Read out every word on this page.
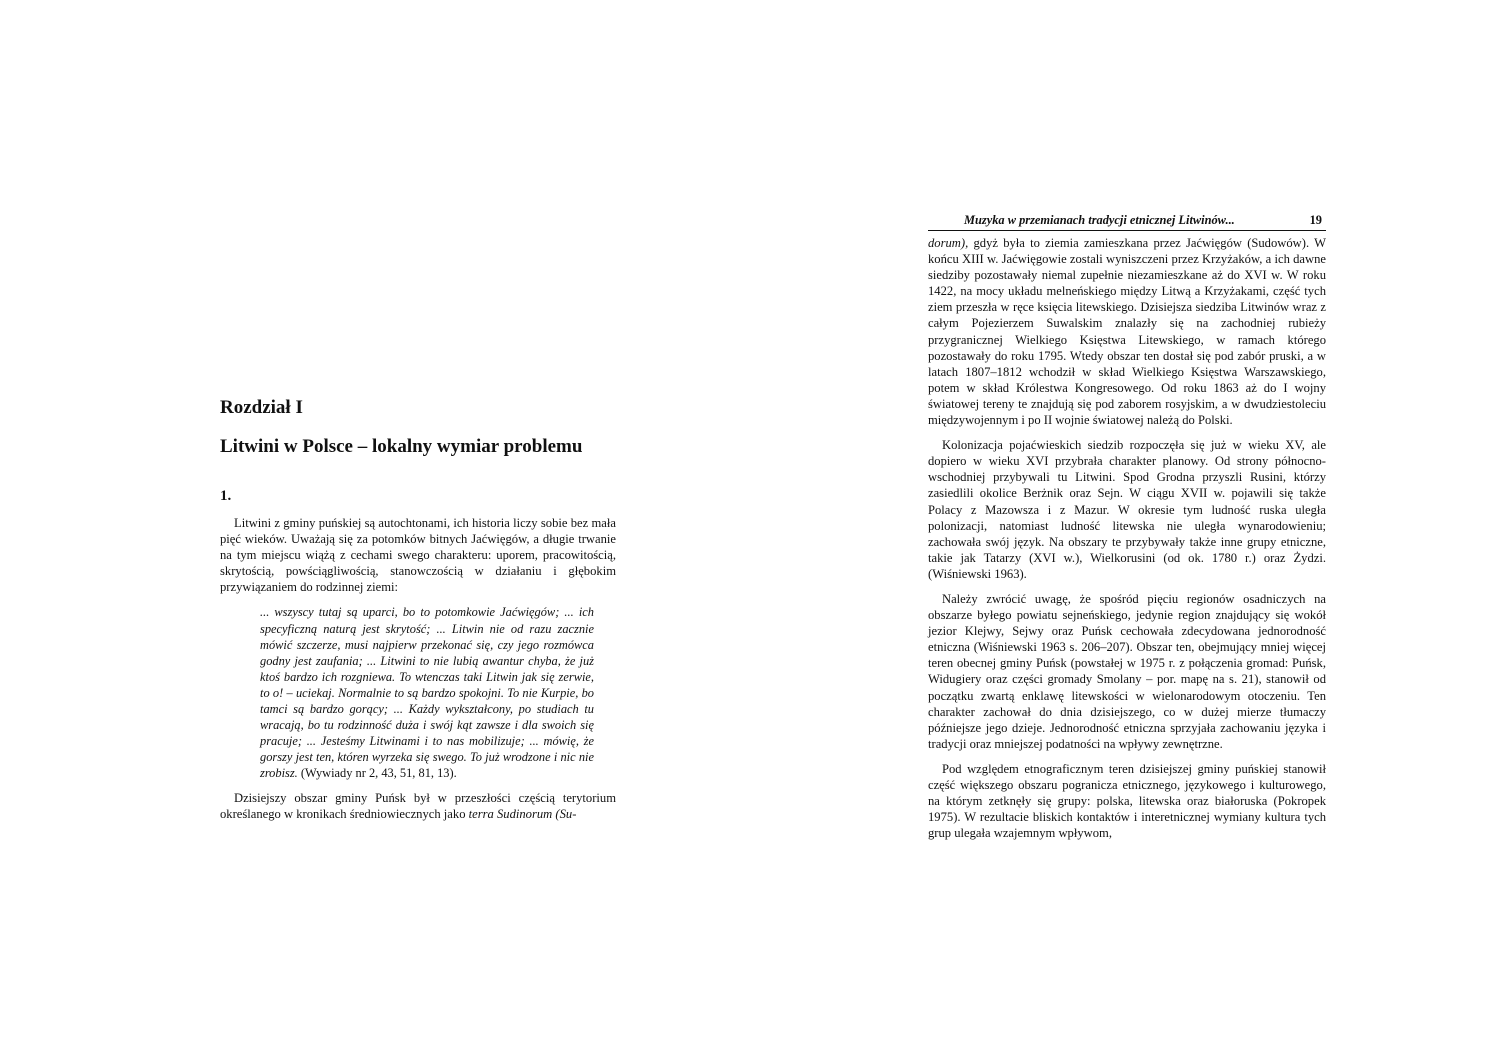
Rozdział I
Litwini w Polsce – lokalny wymiar problemu
1.

Litwini z gminy puńskiej są autochtonami, ich historia liczy sobie bez mała pięć wieków. Uważają się za potomków bitnych Jaćwięgów, a długie trwanie na tym miejscu wiążą z cechami swego charakteru: uporem, pracowitością, skrytością, powściągliwością, stanowczością w działaniu i głębokim przywiązaniem do rodzinnej ziemi:

... wszyscy tutaj są uparci, bo to potomkowie Jaćwięgów; ... ich specyficzną naturą jest skrytość; ... Litwin nie od razu zacznie mówić szczerze, musi najpierw przekonać się, czy jego rozmówca godny jest zaufania; ... Litwini to nie lubią awantur chyba, że już ktoś bardzo ich rozgniewa. To wtenczas taki Litwin jak się zerwie, to o! – uciekaj. Normalnie to są bardzo spokojni. To nie Kurpie, bo tamci są bardzo gorący; ... Każdy wykształcony, po studiach tu wracają, bo tu rodzinność duża i swój kąt zawsze i dla swoich się pracuje; ... Jesteśmy Litwinami i to nas mobilizuje; ... mówię, że gorszy jest ten, któren wyrzeka się swego. To już wrodzone i nic nie zrobisz. (Wywiady nr 2, 43, 51, 81, 13).

Dzisiejszy obszar gminy Puńsk był w przeszłości częścią terytorium określanego w kronikach średniowiecznych jako terra Sudinorum (Su-

Muzyka w przemianach tradycji etnicznej Litwinów...	19

dorum), gdyż była to ziemia zamieszkana przez Jaćwięgów (Sudowów). W końcu XIII w. Jaćwięgowie zostali wyniszczeni przez Krzyżaków, a ich dawne siedziby pozostawały niemal zupełnie niezamieszkane aż do XVI w. W roku 1422, na mocy układu melneńskiego między Litwą a Krzyżakami, część tych ziem przeszła w ręce księcia litewskiego. Dzisiejsza siedziba Litwinów wraz z całym Pojezierzem Suwalskim znalazły się na zachodniej rubieży przygranicznej Wielkiego Księstwa Litewskiego, w ramach którego pozostawały do roku 1795. Wtedy obszar ten dostał się pod zabór pruski, a w latach 1807–1812 wchodził w skład Wielkiego Księstwa Warszawskiego, potem w skład Królestwa Kongresowego. Od roku 1863 aż do I wojny światowej tereny te znajdują się pod zaborem rosyjskim, a w dwudziestoleciu międzywojennym i po II wojnie światowej należą do Polski.

Kolonizacja pojaćwieskich siedzib rozpoczęła się już w wieku XV, ale dopiero w wieku XVI przybrała charakter planowy. Od strony północno-wschodniej przybywali tu Litwini. Spod Grodna przyszli Rusini, którzy zasiedlili okolice Berżnik oraz Sejn. W ciągu XVII w. pojawili się także Polacy z Mazowsza i z Mazur. W okresie tym ludność ruska uległa polonizacji, natomiast ludność litewska nie uległa wynarodowieniu; zachowała swój język. Na obszary te przybywały także inne grupy etniczne, takie jak Tatarzy (XVI w.), Wielkorusini (od ok. 1780 r.) oraz Żydzi. (Wiśniewski 1963).

Należy zwrócić uwagę, że spośród pięciu regionów osadniczych na obszarze byłego powiatu sejneńskiego, jedynie region znajdujący się wokół jezior Klejwy, Sejwy oraz Puńsk cechowała zdecydowana jednorodność etniczna (Wiśniewski 1963 s. 206–207). Obszar ten, obejmujący mniej więcej teren obecnej gminy Puńsk (powstałej w 1975 r. z połączenia gromad: Puńsk, Widugiery oraz części gromady Smolany – por. mapę na s. 21), stanowił od początku zwartą enklawę litewskości w wielonarodowym otoczeniu. Ten charakter zachował do dnia dzisiejszego, co w dużej mierze tłumaczy późniejsze jego dzieje. Jednorodność etniczna sprzyjała zachowaniu języka i tradycji oraz mniejszej podatności na wpływy zewnętrzne.

Pod względem etnograficznym teren dzisiejszej gminy puńskiej stanowił część większego obszaru pogranicza etnicznego, językowego i kulturowego, na którym zetknęły się grupy: polska, litewska oraz białoruska (Pokropek 1975). W rezultacie bliskich kontaktów i interetnicznej wymiany kultura tych grup ulegała wzajemnym wpływom,
